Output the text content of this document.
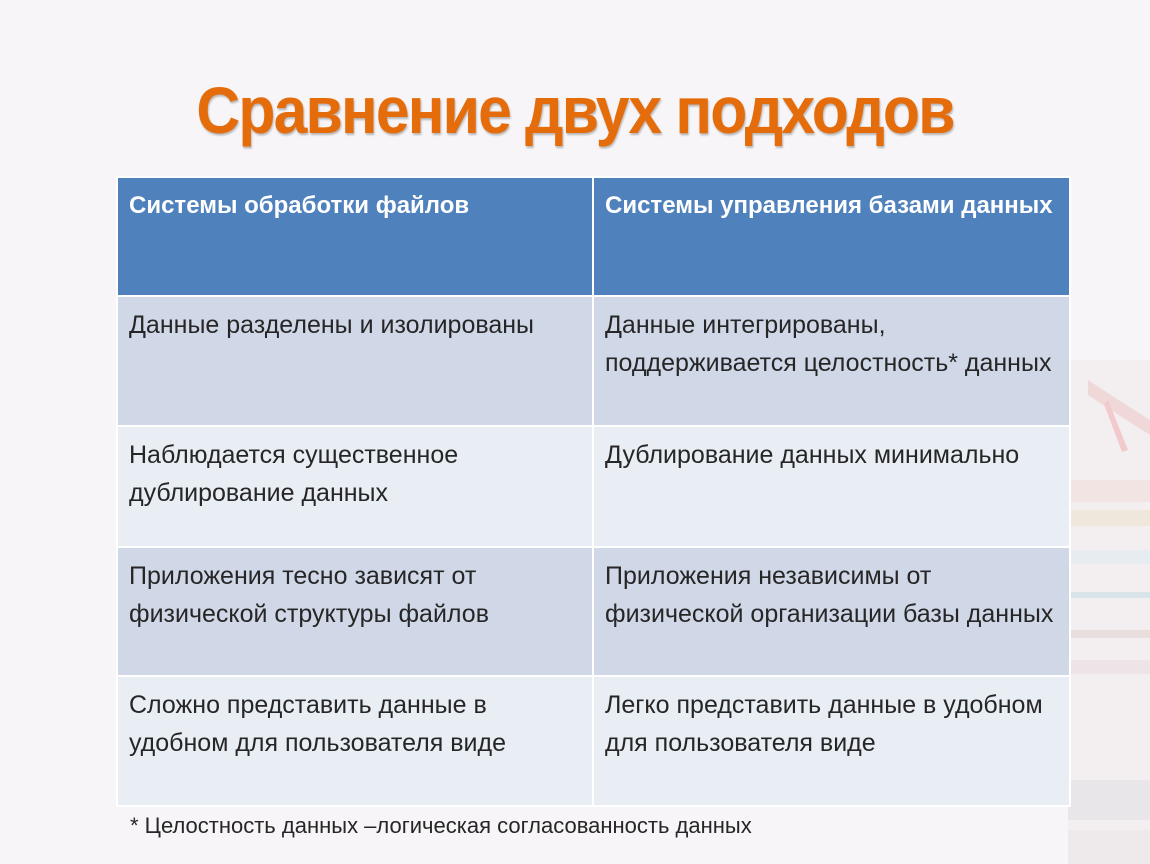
Сравнение двух подходов
Системы обработки файлов	Системы управления базами данных
Данные разделены и изолированы	Данные интегрированы, поддерживается целостность* данных
Наблюдается существенное дублирование данных	Дублирование данных минимально
Приложения тесно зависят от физической структуры файлов	Приложения независимы от физической организации базы данных
Сложно представить данные в удобном для пользователя виде	Легко представить данные в удобном для пользователя виде
* Целостность данных –логическая согласованность данных
